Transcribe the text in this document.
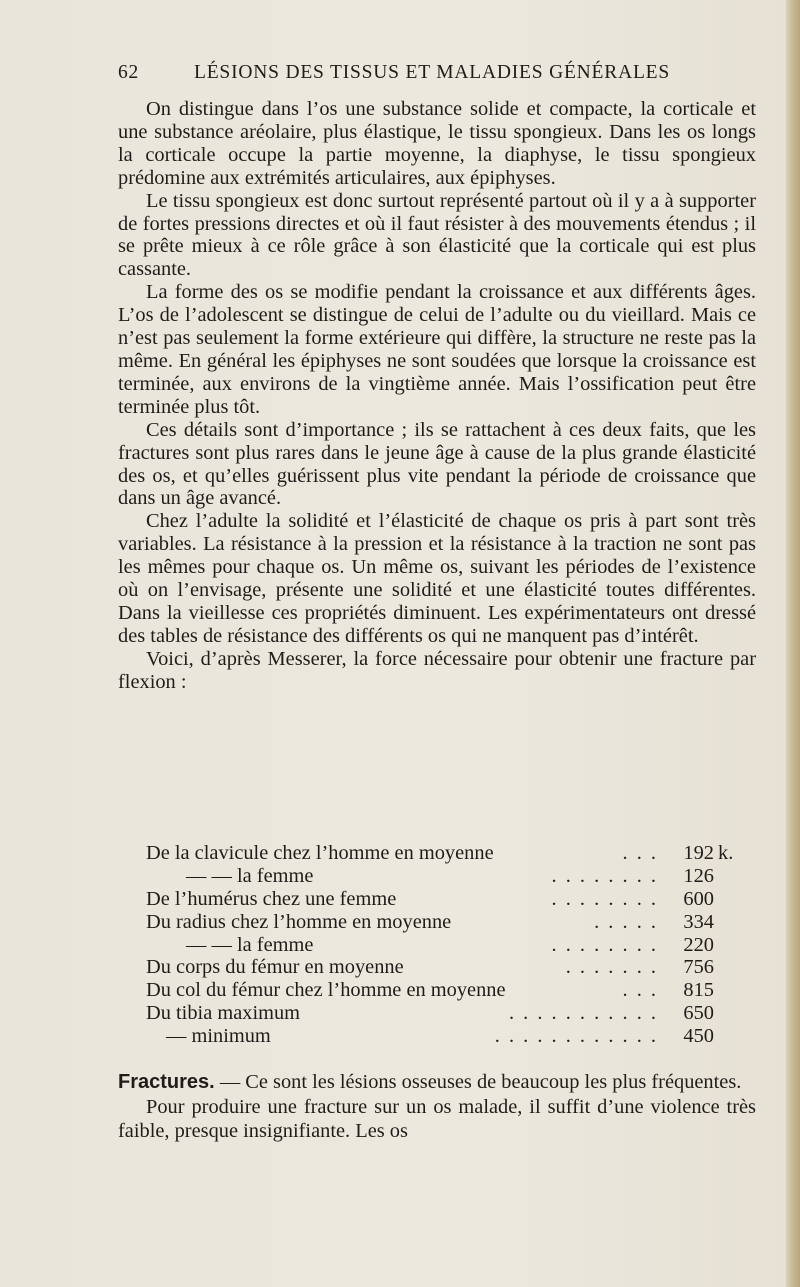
62	LÉSIONS DES TISSUS ET MALADIES GÉNÉRALES

On distingue dans l’os une substance solide et compacte, la corticale et une substance aréolaire, plus élastique, le tissu spongieux. Dans les os longs la corticale occupe la partie moyenne, la diaphyse, le tissu spongieux prédomine aux extrémités articulaires, aux épiphyses.

Le tissu spongieux est donc surtout représenté partout où il y a à supporter de fortes pressions directes et où il faut résister à des mouvements étendus ; il se prête mieux à ce rôle grâce à son élasticité que la corticale qui est plus cassante.

La forme des os se modifie pendant la croissance et aux différents âges. L’os de l’adolescent se distingue de celui de l’adulte ou du vieillard. Mais ce n’est pas seulement la forme extérieure qui diffère, la structure ne reste pas la même. En général les épiphyses ne sont soudées que lorsque la croissance est terminée, aux environs de la vingtième année. Mais l’ossification peut être terminée plus tôt.

Ces détails sont d’importance ; ils se rattachent à ces deux faits, que les fractures sont plus rares dans le jeune âge à cause de la plus grande élasticité des os, et qu’elles guérissent plus vite pendant la période de croissance que dans un âge avancé.

Chez l’adulte la solidité et l’élasticité de chaque os pris à part sont très variables. La résistance à la pression et la résistance à la traction ne sont pas les mêmes pour chaque os. Un même os, suivant les périodes de l’existence où on l’envisage, présente une solidité et une élasticité toutes différentes. Dans la vieillesse ces propriétés diminuent. Les expérimentateurs ont dressé des tables de résistance des différents os qui ne manquent pas d’intérêt.

Voici, d’après Messerer, la force nécessaire pour obtenir une fracture par flexion :

De la clavicule chez l’homme en moyenne	. . .	192 k.
— — la femme	. . . . . . . .	126
De l’humérus chez une femme	. . . . . . . .	600
Du radius chez l’homme en moyenne	. . . . .	334
— — la femme	. . . . . . . .	220
Du corps du fémur en moyenne	. . . . . . .	756
Du col du fémur chez l’homme en moyenne	. . .	815
Du tibia maximum	. . . . . . . . . . .	650
— minimum	. . . . . . . . . . . .	450

Fractures. — Ce sont les lésions osseuses de beaucoup les plus fréquentes.

Pour produire une fracture sur un os malade, il suffit d’une violence très faible, presque insignifiante. Les os
